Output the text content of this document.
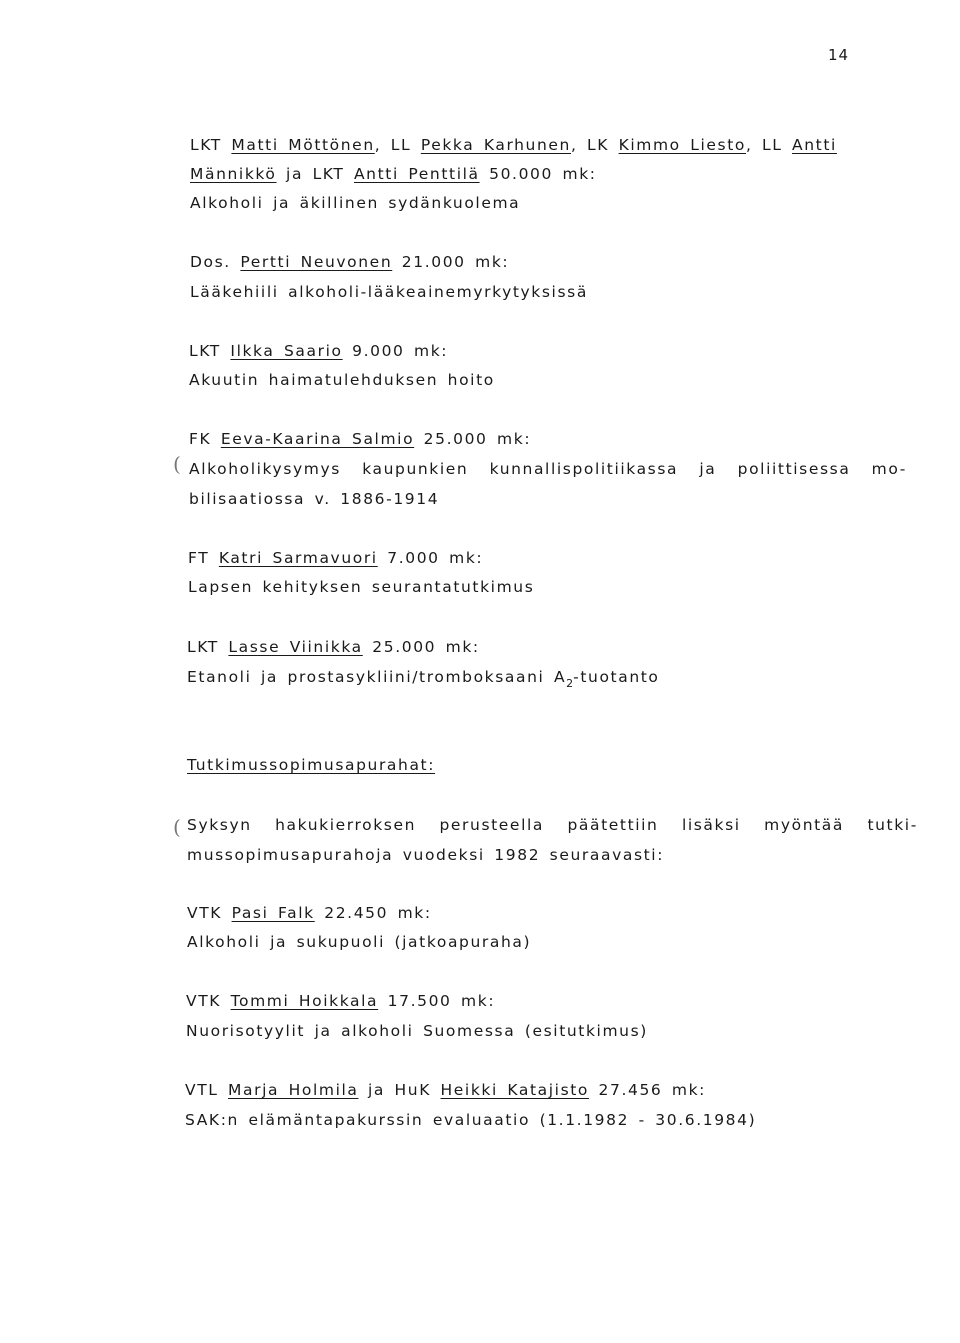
14
(
(
LKT Matti Möttönen, LL Pekka Karhunen, LK Kimmo Liesto, LL Antti
Männikkö ja LKT Antti Penttilä 50.000 mk:
Alkoholi ja äkillinen sydänkuolema
Dos. Pertti Neuvonen 21.000 mk:
Lääkehiili alkoholi-lääkeainemyrkytyksissä
LKT Ilkka Saario 9.000 mk:
Akuutin haimatulehduksen hoito
FK Eeva-Kaarina Salmio 25.000 mk:
Alkoholikysymys kaupunkien kunnallispolitiikassa ja poliittisessa mo-
bilisaatiossa v. 1886-1914
FT Katri Sarmavuori 7.000 mk:
Lapsen kehityksen seurantatutkimus
LKT Lasse Viinikka 25.000 mk:
Etanoli ja prostasykliini/tromboksaani $A_2$-tuotanto
Tutkimussopimusapurahat:
Syksyn hakukierroksen perusteella päätettiin lisäksi myöntää tutki-
mussopimusapurahoja vuodeksi 1982 seuraavasti:
VTK Pasi Falk 22.450 mk:
Alkoholi ja sukupuoli (jatkoapuraha)
VTK Tommi Hoikkala 17.500 mk:
Nuorisotyylit ja alkoholi Suomessa (esitutkimus)
VTL Marja Holmila ja HuK Heikki Katajisto 27.456 mk:
SAK:n elämäntapakurssin evaluaatio (1.1.1982 - 30.6.1984)
